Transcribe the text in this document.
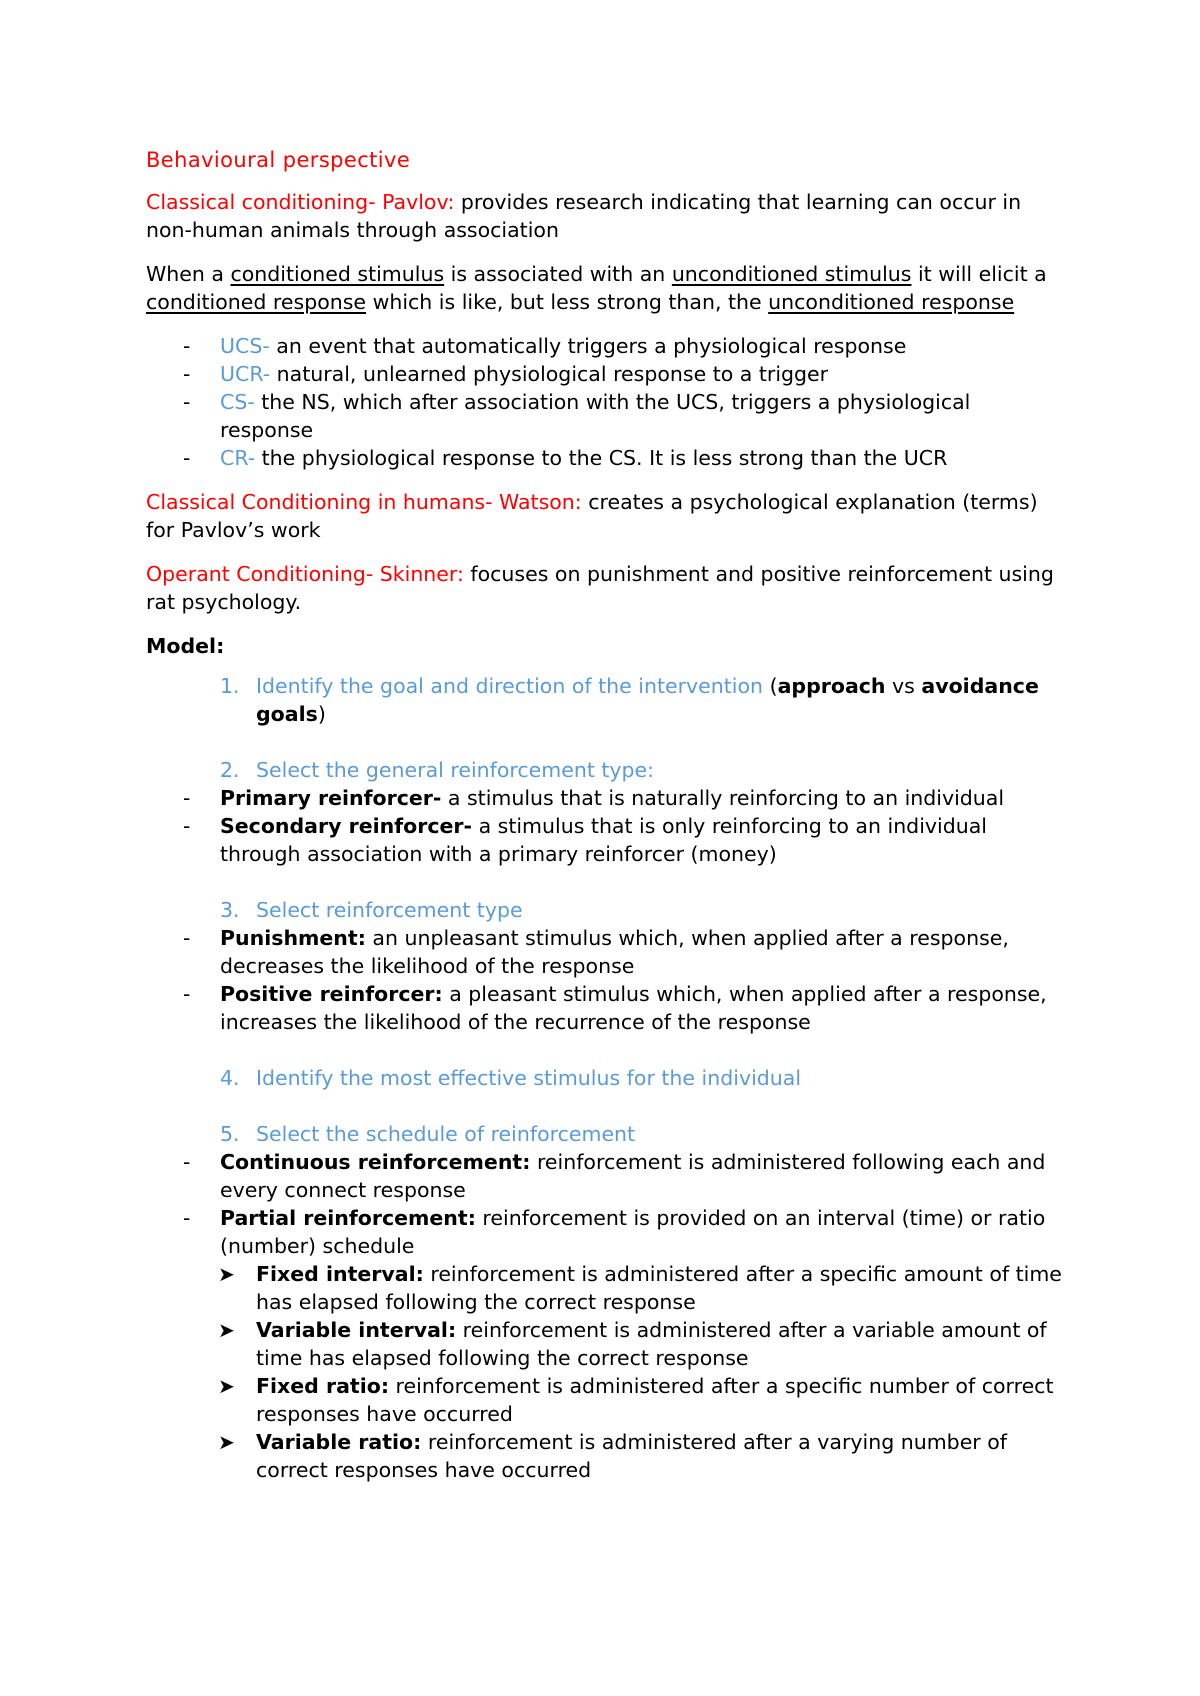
Behavioural perspective

Classical conditioning- Pavlov: provides research indicating that learning can occur in non-human animals through association

When a conditioned stimulus is associated with an unconditioned stimulus it will elicit a conditioned response which is like, but less strong than, the unconditioned response

- UCS- an event that automatically triggers a physiological response
- UCR- natural, unlearned physiological response to a trigger
- CS- the NS, which after association with the UCS, triggers a physiological response
- CR- the physiological response to the CS. It is less strong than the UCR

Classical Conditioning in humans- Watson: creates a psychological explanation (terms) for Pavlov’s work

Operant Conditioning- Skinner: focuses on punishment and positive reinforcement using rat psychology.

Model:

1. Identify the goal and direction of the intervention (approach vs avoidance goals)
2. Select the general reinforcement type:
- Primary reinforcer- a stimulus that is naturally reinforcing to an individual
- Secondary reinforcer- a stimulus that is only reinforcing to an individual through association with a primary reinforcer (money)
3. Select reinforcement type
- Punishment: an unpleasant stimulus which, when applied after a response, decreases the likelihood of the response
- Positive reinforcer: a pleasant stimulus which, when applied after a response, increases the likelihood of the recurrence of the response
4. Identify the most effective stimulus for the individual
5. Select the schedule of reinforcement
- Continuous reinforcement: reinforcement is administered following each and every connect response
- Partial reinforcement: reinforcement is provided on an interval (time) or ratio (number) schedule
➤ Fixed interval: reinforcement is administered after a specific amount of time has elapsed following the correct response
➤ Variable interval: reinforcement is administered after a variable amount of time has elapsed following the correct response
➤ Fixed ratio: reinforcement is administered after a specific number of correct responses have occurred
➤ Variable ratio: reinforcement is administered after a varying number of correct responses have occurred
